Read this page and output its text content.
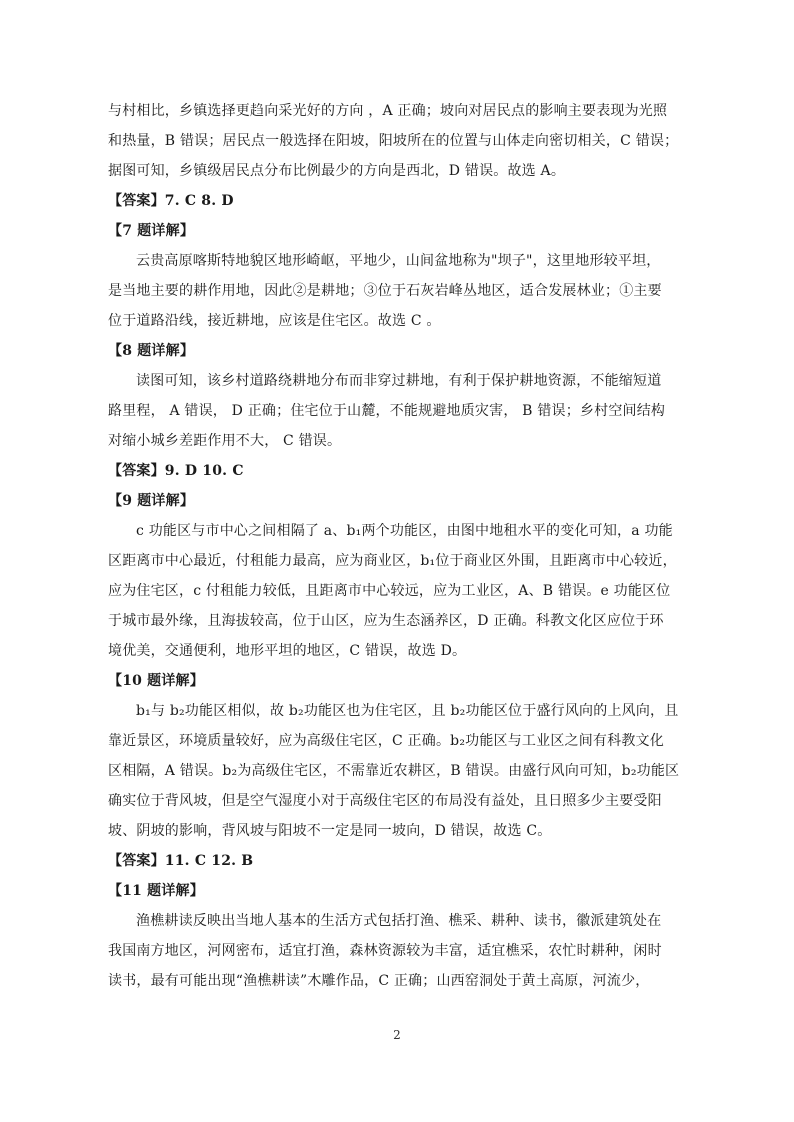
与村相比，乡镇选择更趋向采光好的方向 ，A 正确；坡向对居民点的影响主要表现为光照
和热量，B 错误；居民点一般选择在阳坡，阳坡所在的位置与山体走向密切相关，C 错误；
据图可知，乡镇级居民点分布比例最少的方向是西北，D 错误。故选 A。
【答案】7. C 8. D
【7 题详解】
云贵高原喀斯特地貌区地形崎岖，平地少，山间盆地称为"坝子"，这里地形较平坦，
是当地主要的耕作用地，因此②是耕地；③位于石灰岩峰丛地区，适合发展林业；①主要
位于道路沿线，接近耕地，应该是住宅区。故选 C 。
【8 题详解】
读图可知，该乡村道路绕耕地分布而非穿过耕地，有利于保护耕地资源，不能缩短道
路里程， A 错误， D 正确；住宅位于山麓，不能规避地质灾害， B 错误；乡村空间结构
对缩小城乡差距作用不大， C 错误。
【答案】9. D 10. C
【9 题详解】
c 功能区与市中心之间相隔了 a、b₁两个功能区，由图中地租水平的变化可知，a 功能
区距离市中心最近，付租能力最高，应为商业区，b₁位于商业区外围，且距离市中心较近，
应为住宅区，c 付租能力较低，且距离市中心较远，应为工业区，A、B 错误。e 功能区位
于城市最外缘，且海拔较高，位于山区，应为生态涵养区，D 正确。科教文化区应位于环
境优美，交通便利，地形平坦的地区，C 错误，故选 D。
【10 题详解】
b₁与 b₂功能区相似，故 b₂功能区也为住宅区，且 b₂功能区位于盛行风向的上风向，且
靠近景区，环境质量较好，应为高级住宅区，C 正确。b₂功能区与工业区之间有科教文化
区相隔，A 错误。b₂为高级住宅区，不需靠近农耕区，B 错误。由盛行风向可知，b₂功能区
确实位于背风坡，但是空气湿度小对于高级住宅区的布局没有益处，且日照多少主要受阳
坡、阴坡的影响，背风坡与阳坡不一定是同一坡向，D 错误，故选 C。
【答案】11. C 12. B
【11 题详解】
渔樵耕读反映出当地人基本的生活方式包括打渔、樵采、耕种、读书，徽派建筑处在
我国南方地区，河网密布，适宜打渔，森林资源较为丰富，适宜樵采，农忙时耕种，闲时
读书，最有可能出现“渔樵耕读”木雕作品，C 正确；山西窑洞处于黄土高原，河流少，
2
